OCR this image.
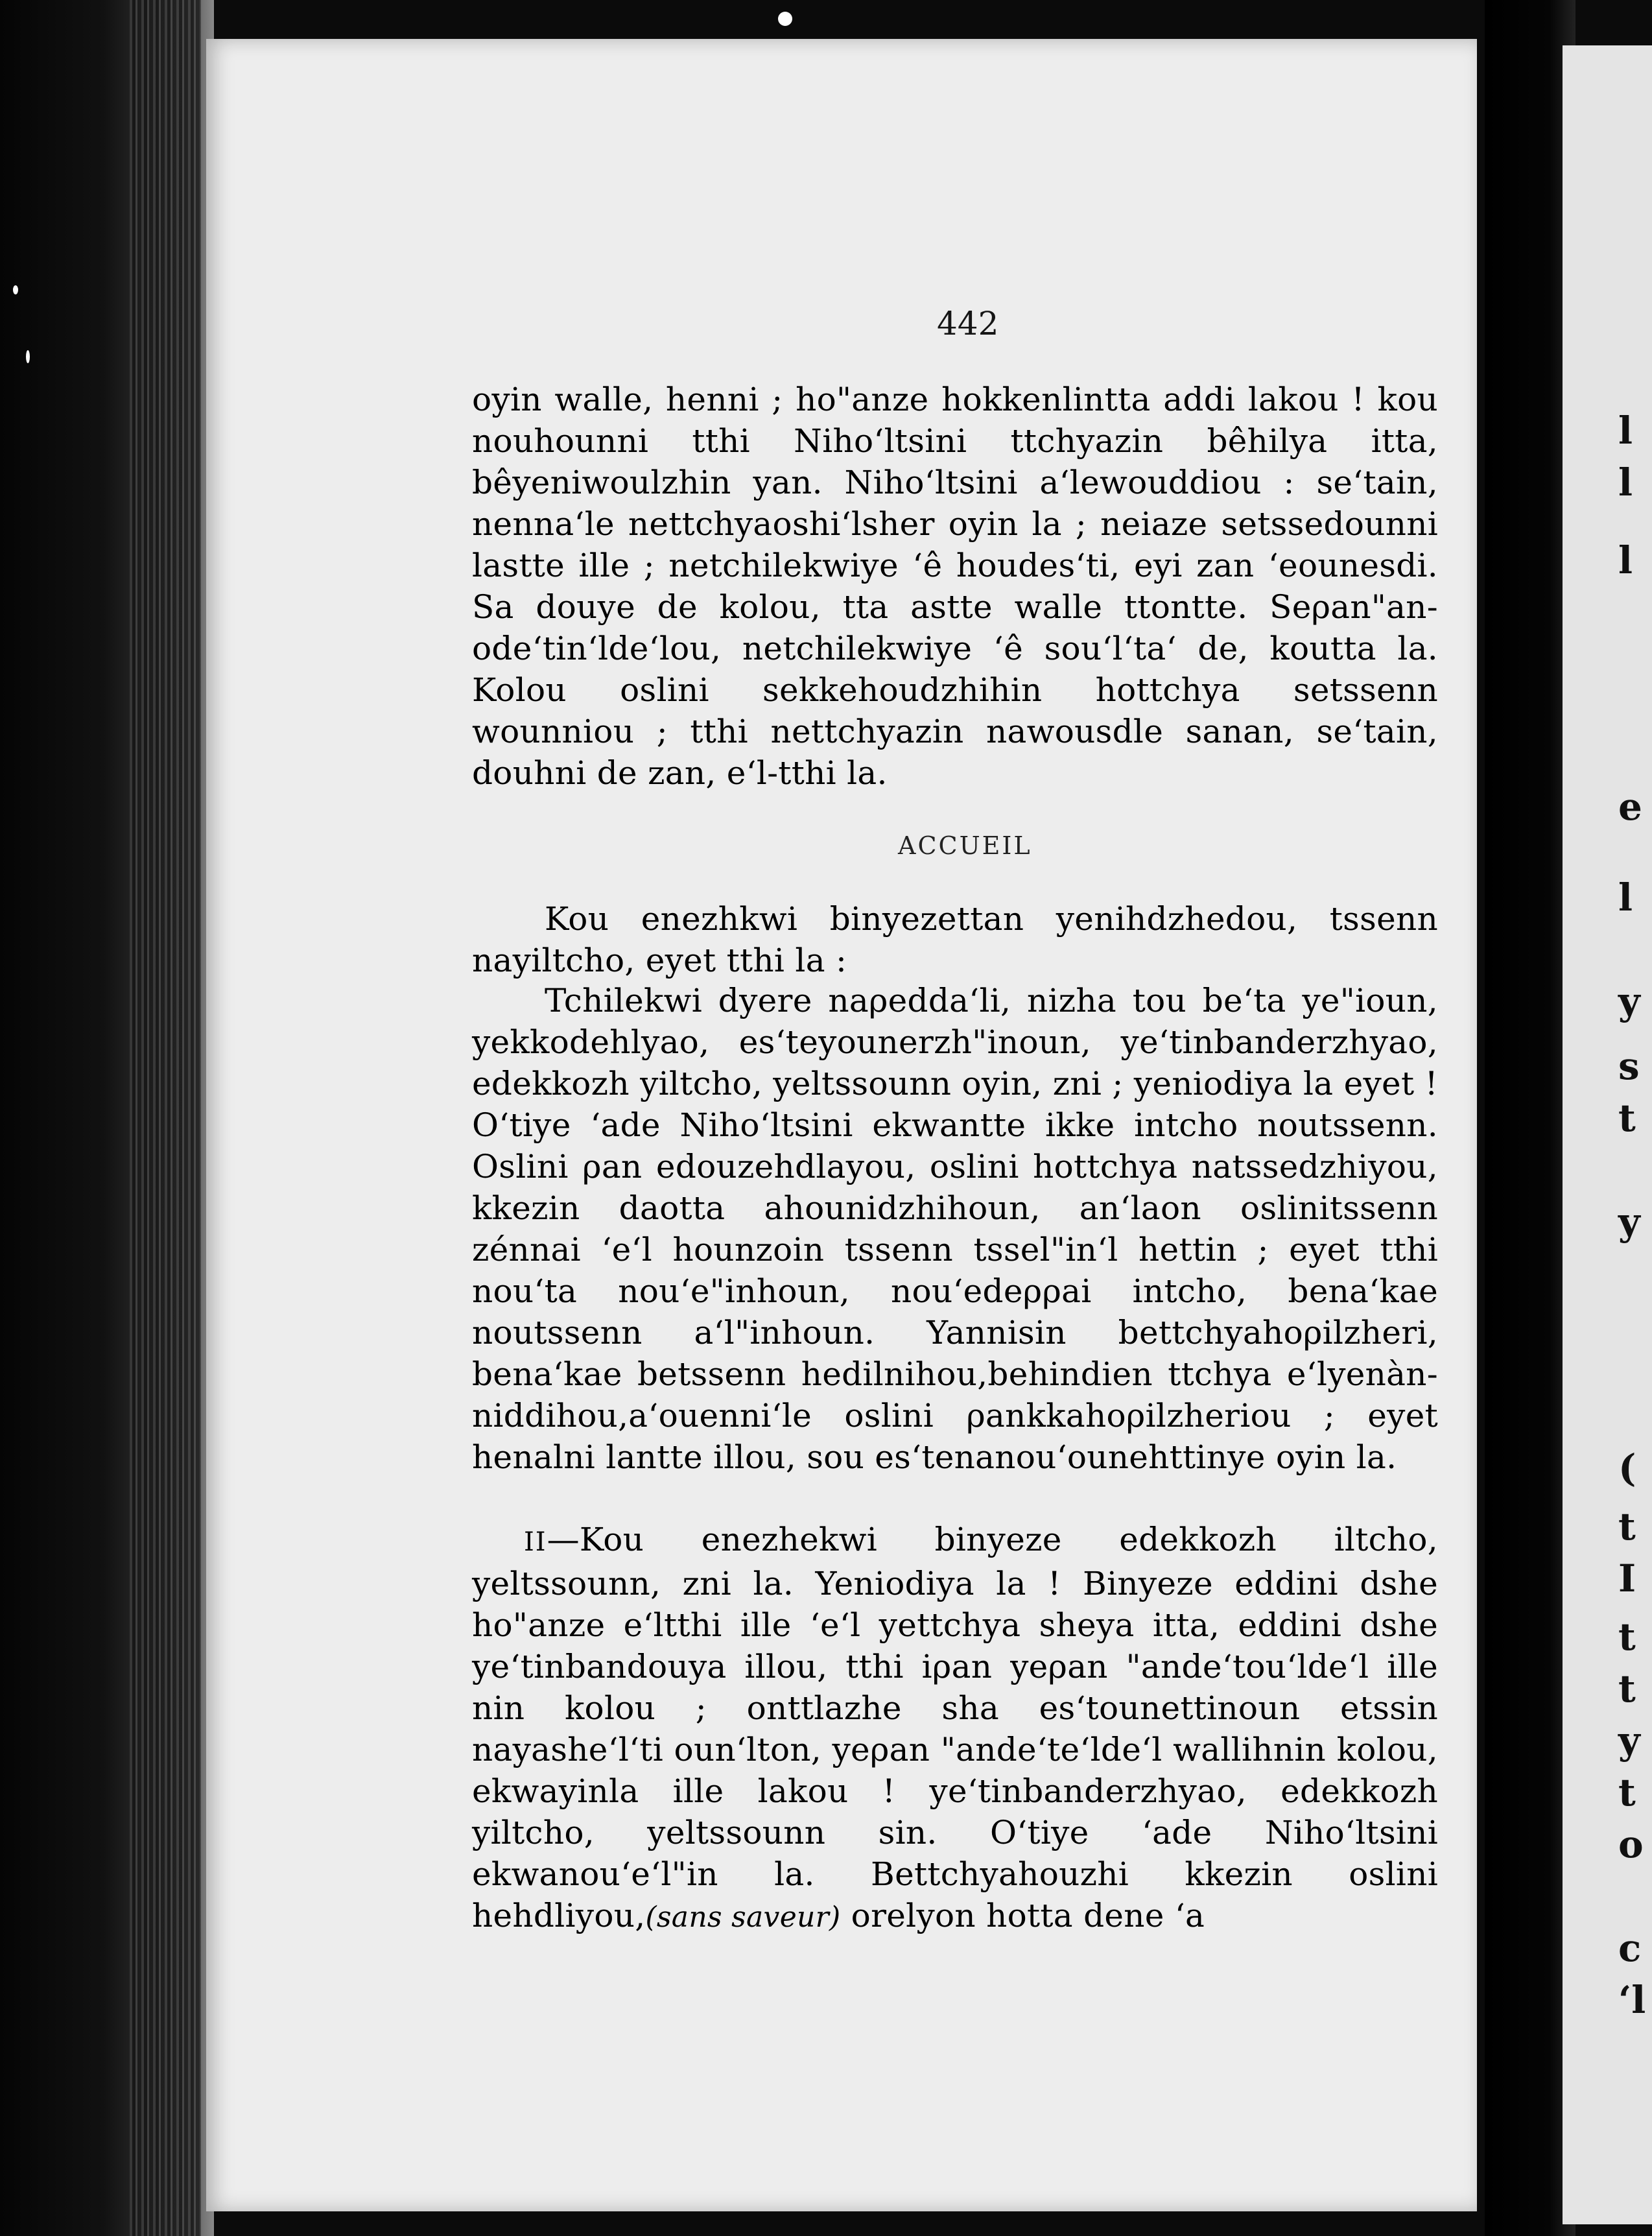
l
l
l
e
l
y
s
t
y
(
t
I
t
t
y
t
o
c
‘l
442

oyin walle, henni ; ho"anze hokkenlintta addi lakou ! kou nouhounni tthi Niho‘ltsini ttchyazin bêhilya itta, bêyeniwoulzhin yan. Niho‘ltsini a‘lewouddiou : se‘tain, nenna‘le nettchyaoshi‘lsher oyin la ; neiaze setssedounni lastte ille ; netchilekwiye ‘ê houdes‘ti, eyi zan ‘eounesdi. Sa douye de kolou, tta astte walle ttontte. Seρan"an-ode‘tin‘lde‘lou, netchilekwiye ‘ê sou‘l‘ta‘ de, koutta la. Kolou oslini sekkehoudzhihin hottchya setssenn wounniou ; tthi nettchyazin nawousdle sanan, se‘tain, douhni de zan, e‘l-tthi la.

ACCUEIL

Kou enezhkwi binyezettan yenihdzhedou, tssenn nayiltcho, eyet tthi la :

Tchilekwi dyere naρedda‘li, nizha tou be‘ta ye"ioun, yekkodehlyao, es‘teyounerzh"inoun, ye‘tinbanderzhyao, edekkozh yiltcho, yeltssounn oyin, zni ; yeniodiya la eyet ! O‘tiye ‘ade Niho‘ltsini ekwantte ikke intcho noutssenn. Oslini ρan edouzehdlayou, oslini hottchya natssedzhiyou, kkezin daotta ahounidzhihoun, an‘laon oslinitssenn zénnai ‘e‘l hounzoin tssenn tssel"in‘l hettin ; eyet tthi nou‘ta nou‘e"inhoun, nou‘edeρρai intcho, bena‘kae noutssenn a‘l"inhoun. Yannisin bettchyahoρilzheri, bena‘kae betssenn hedilnihou,behindien ttchya e‘lyenàn-niddihou,a‘ouenni‘le oslini ρankkahoρilzheriou ; eyet henalni lantte illou, sou es‘tenanou‘ounehttinye oyin la.

II—Kou enezhekwi binyeze edekkozh iltcho, yeltssounn, zni la. Yeniodiya la ! Binyeze eddini dshe ho"anze e‘ltthi ille ‘e‘l yettchya sheya itta, eddini dshe ye‘tinbandouya illou, tthi iρan yeρan "ande‘tou‘lde‘l ille nin kolou ; onttlazhe sha es‘tounettinoun etssin nayashe‘l‘ti oun‘lton, yeρan "ande‘te‘lde‘l wallihnin kolou, ekwayinla ille lakou ! ye‘tinbanderzhyao, edekkozh yiltcho, yeltssounn sin. O‘tiye ‘ade Niho‘ltsini ekwanou‘e‘l"in la. Bettchyahouzhi kkezin oslini hehdliyou,(sans saveur) orelyon hotta dene ‘a
